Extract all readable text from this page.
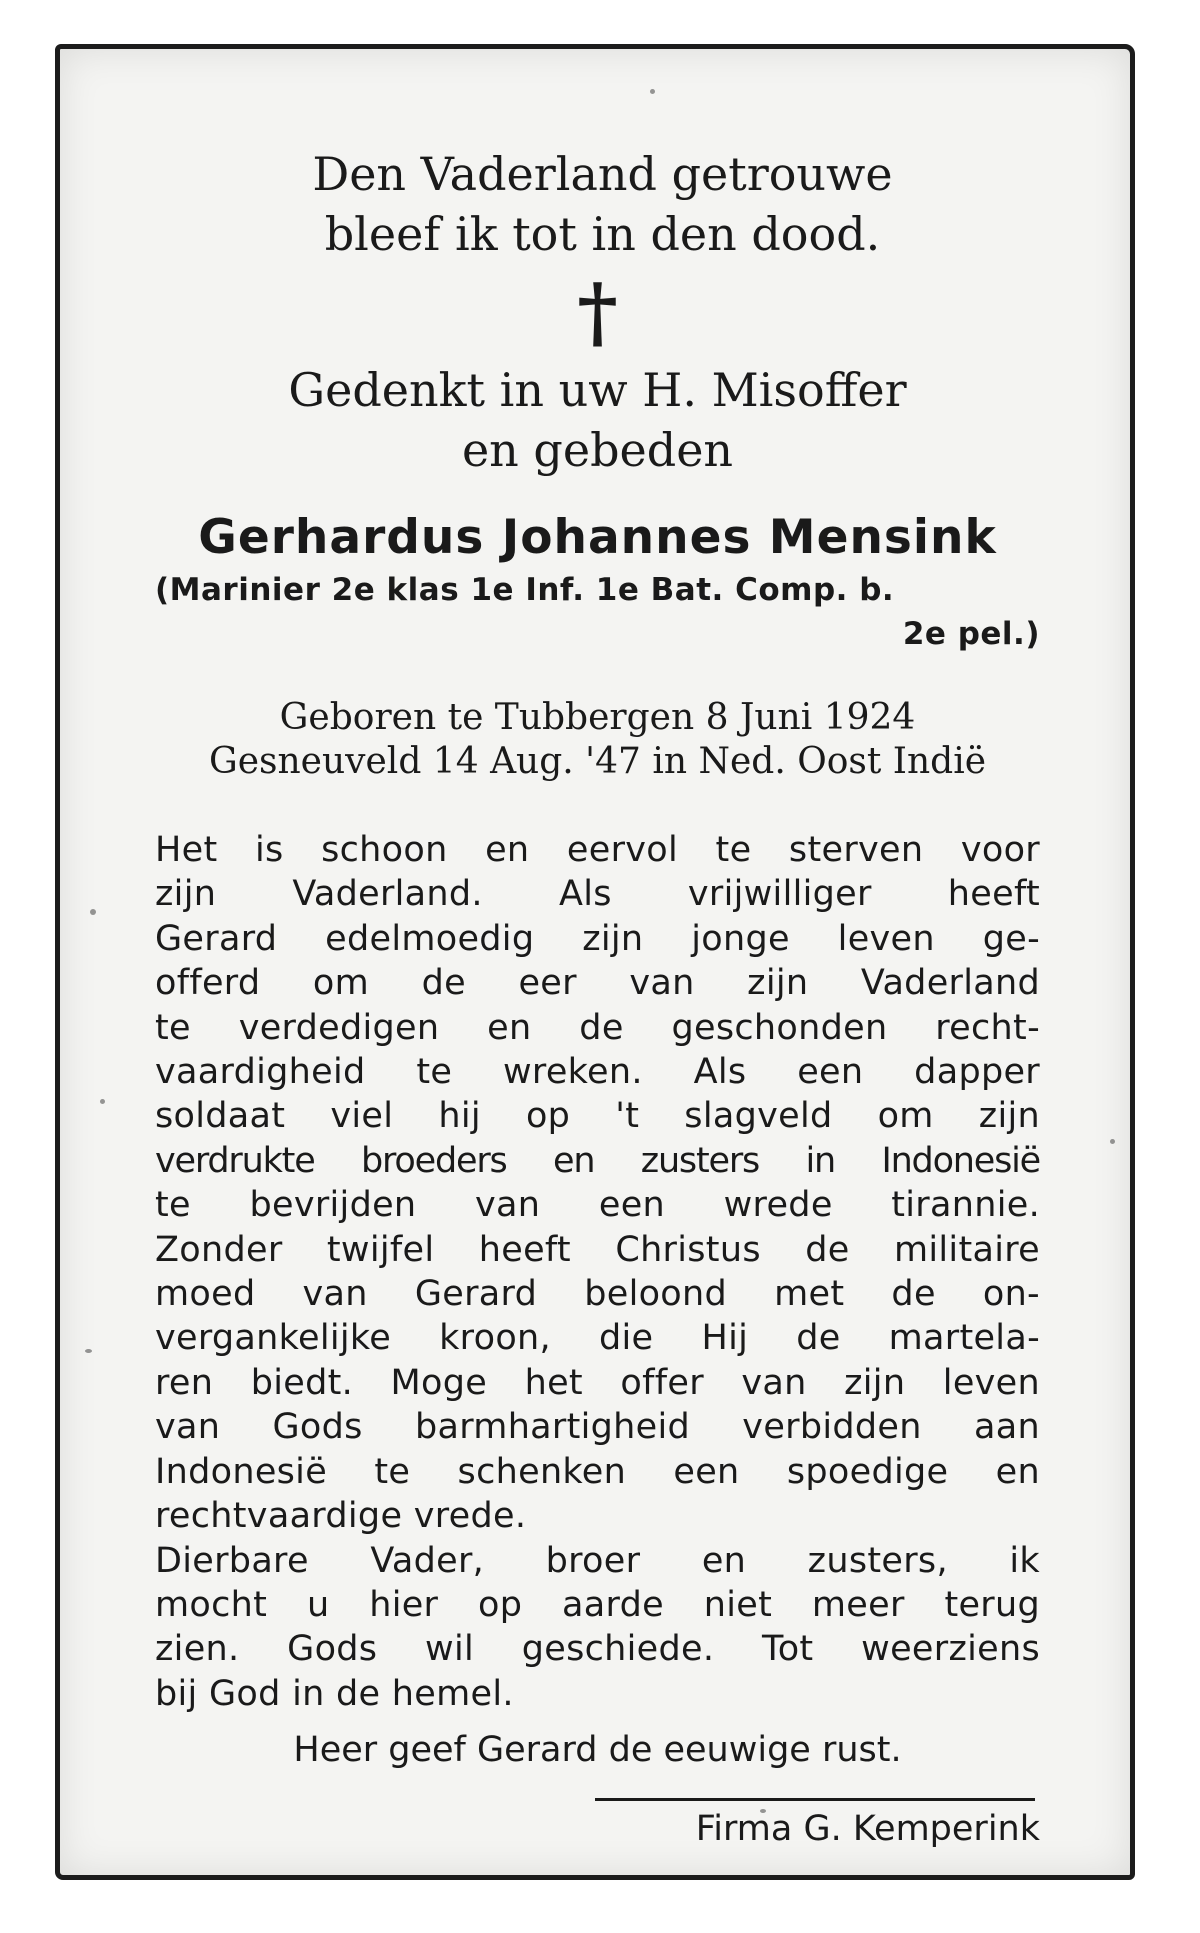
Den Vaderland getrouwe

bleef ik tot in den dood.

†

Gedenkt in uw H. Misoffer

en gebeden

Gerhardus Johannes Mensink
(Marinier 2e klas 1e Inf. 1e Bat. Comp. b.
2e pel.)
Geboren te Tubbergen 8 Juni 1924
Gesneuveld 14 Aug. '47 in Ned. Oost Indië
Het is schoon en eervol te sterven voor
zijn Vaderland. Als vrijwilliger heeft
Gerard edelmoedig zijn jonge leven ge-
offerd om de eer van zijn Vaderland
te verdedigen en de geschonden recht-
vaardigheid te wreken. Als een dapper
soldaat viel hij op 't slagveld om zijn
verdrukte broeders en zusters in Indonesië
te bevrijden van een wrede tirannie.
Zonder twijfel heeft Christus de militaire
moed van Gerard beloond met de on-
vergankelijke kroon, die Hij de martela-
ren biedt. Moge het offer van zijn leven
van Gods barmhartigheid verbidden aan
Indonesië te schenken een spoedige en
rechtvaardige vrede.
Dierbare Vader, broer en zusters, ik
mocht u hier op aarde niet meer terug
zien. Gods wil geschiede. Tot weerziens
bij God in de hemel.
Heer geef Gerard de eeuwige rust.
Firma G. Kemperink
